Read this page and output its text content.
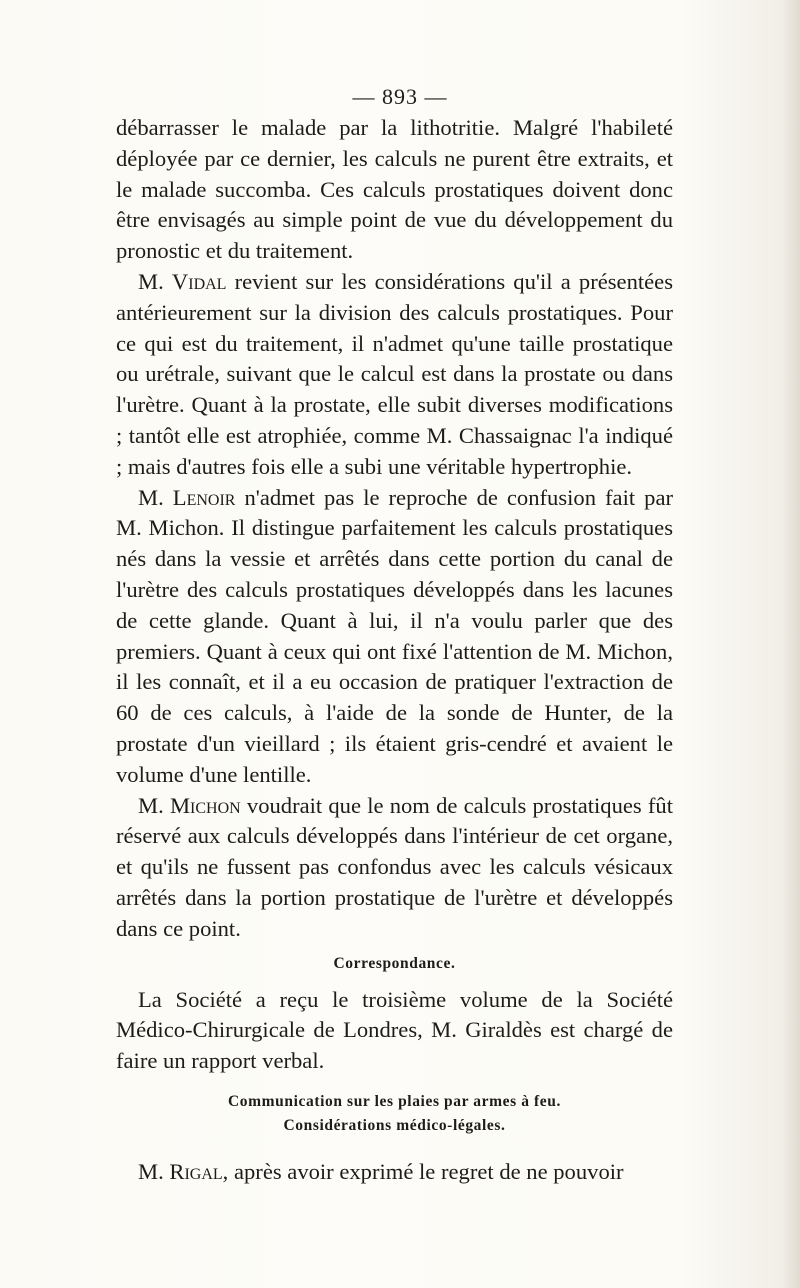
— 893 —

débarrasser le malade par la lithotritie. Malgré l'habileté déployée par ce dernier, les calculs ne purent être extraits, et le malade succomba. Ces calculs prostatiques doivent donc être envisagés au simple point de vue du développement du pronostic et du traitement.

M. Vidal revient sur les considérations qu'il a présentées antérieurement sur la division des calculs prostatiques. Pour ce qui est du traitement, il n'admet qu'une taille prostatique ou urétrale, suivant que le calcul est dans la prostate ou dans l'urètre. Quant à la prostate, elle subit diverses modifications ; tantôt elle est atrophiée, comme M. Chassaignac l'a indiqué ; mais d'autres fois elle a subi une véritable hypertrophie.

M. Lenoir n'admet pas le reproche de confusion fait par M. Michon. Il distingue parfaitement les calculs prostatiques nés dans la vessie et arrêtés dans cette portion du canal de l'urètre des calculs prostatiques développés dans les lacunes de cette glande. Quant à lui, il n'a voulu parler que des premiers. Quant à ceux qui ont fixé l'attention de M. Michon, il les connaît, et il a eu occasion de pratiquer l'extraction de 60 de ces calculs, à l'aide de la sonde de Hunter, de la prostate d'un vieillard ; ils étaient gris-cendré et avaient le volume d'une lentille.

M. Michon voudrait que le nom de calculs prostatiques fût réservé aux calculs développés dans l'intérieur de cet organe, et qu'ils ne fussent pas confondus avec les calculs vésicaux arrêtés dans la portion prostatique de l'urètre et développés dans ce point.

Correspondance.

La Société a reçu le troisième volume de la Société Médico-Chirurgicale de Londres, M. Giraldès est chargé de faire un rapport verbal.

Communication sur les plaies par armes à feu.

Considérations médico-légales.

M. Rigal, après avoir exprimé le regret de ne pouvoir
